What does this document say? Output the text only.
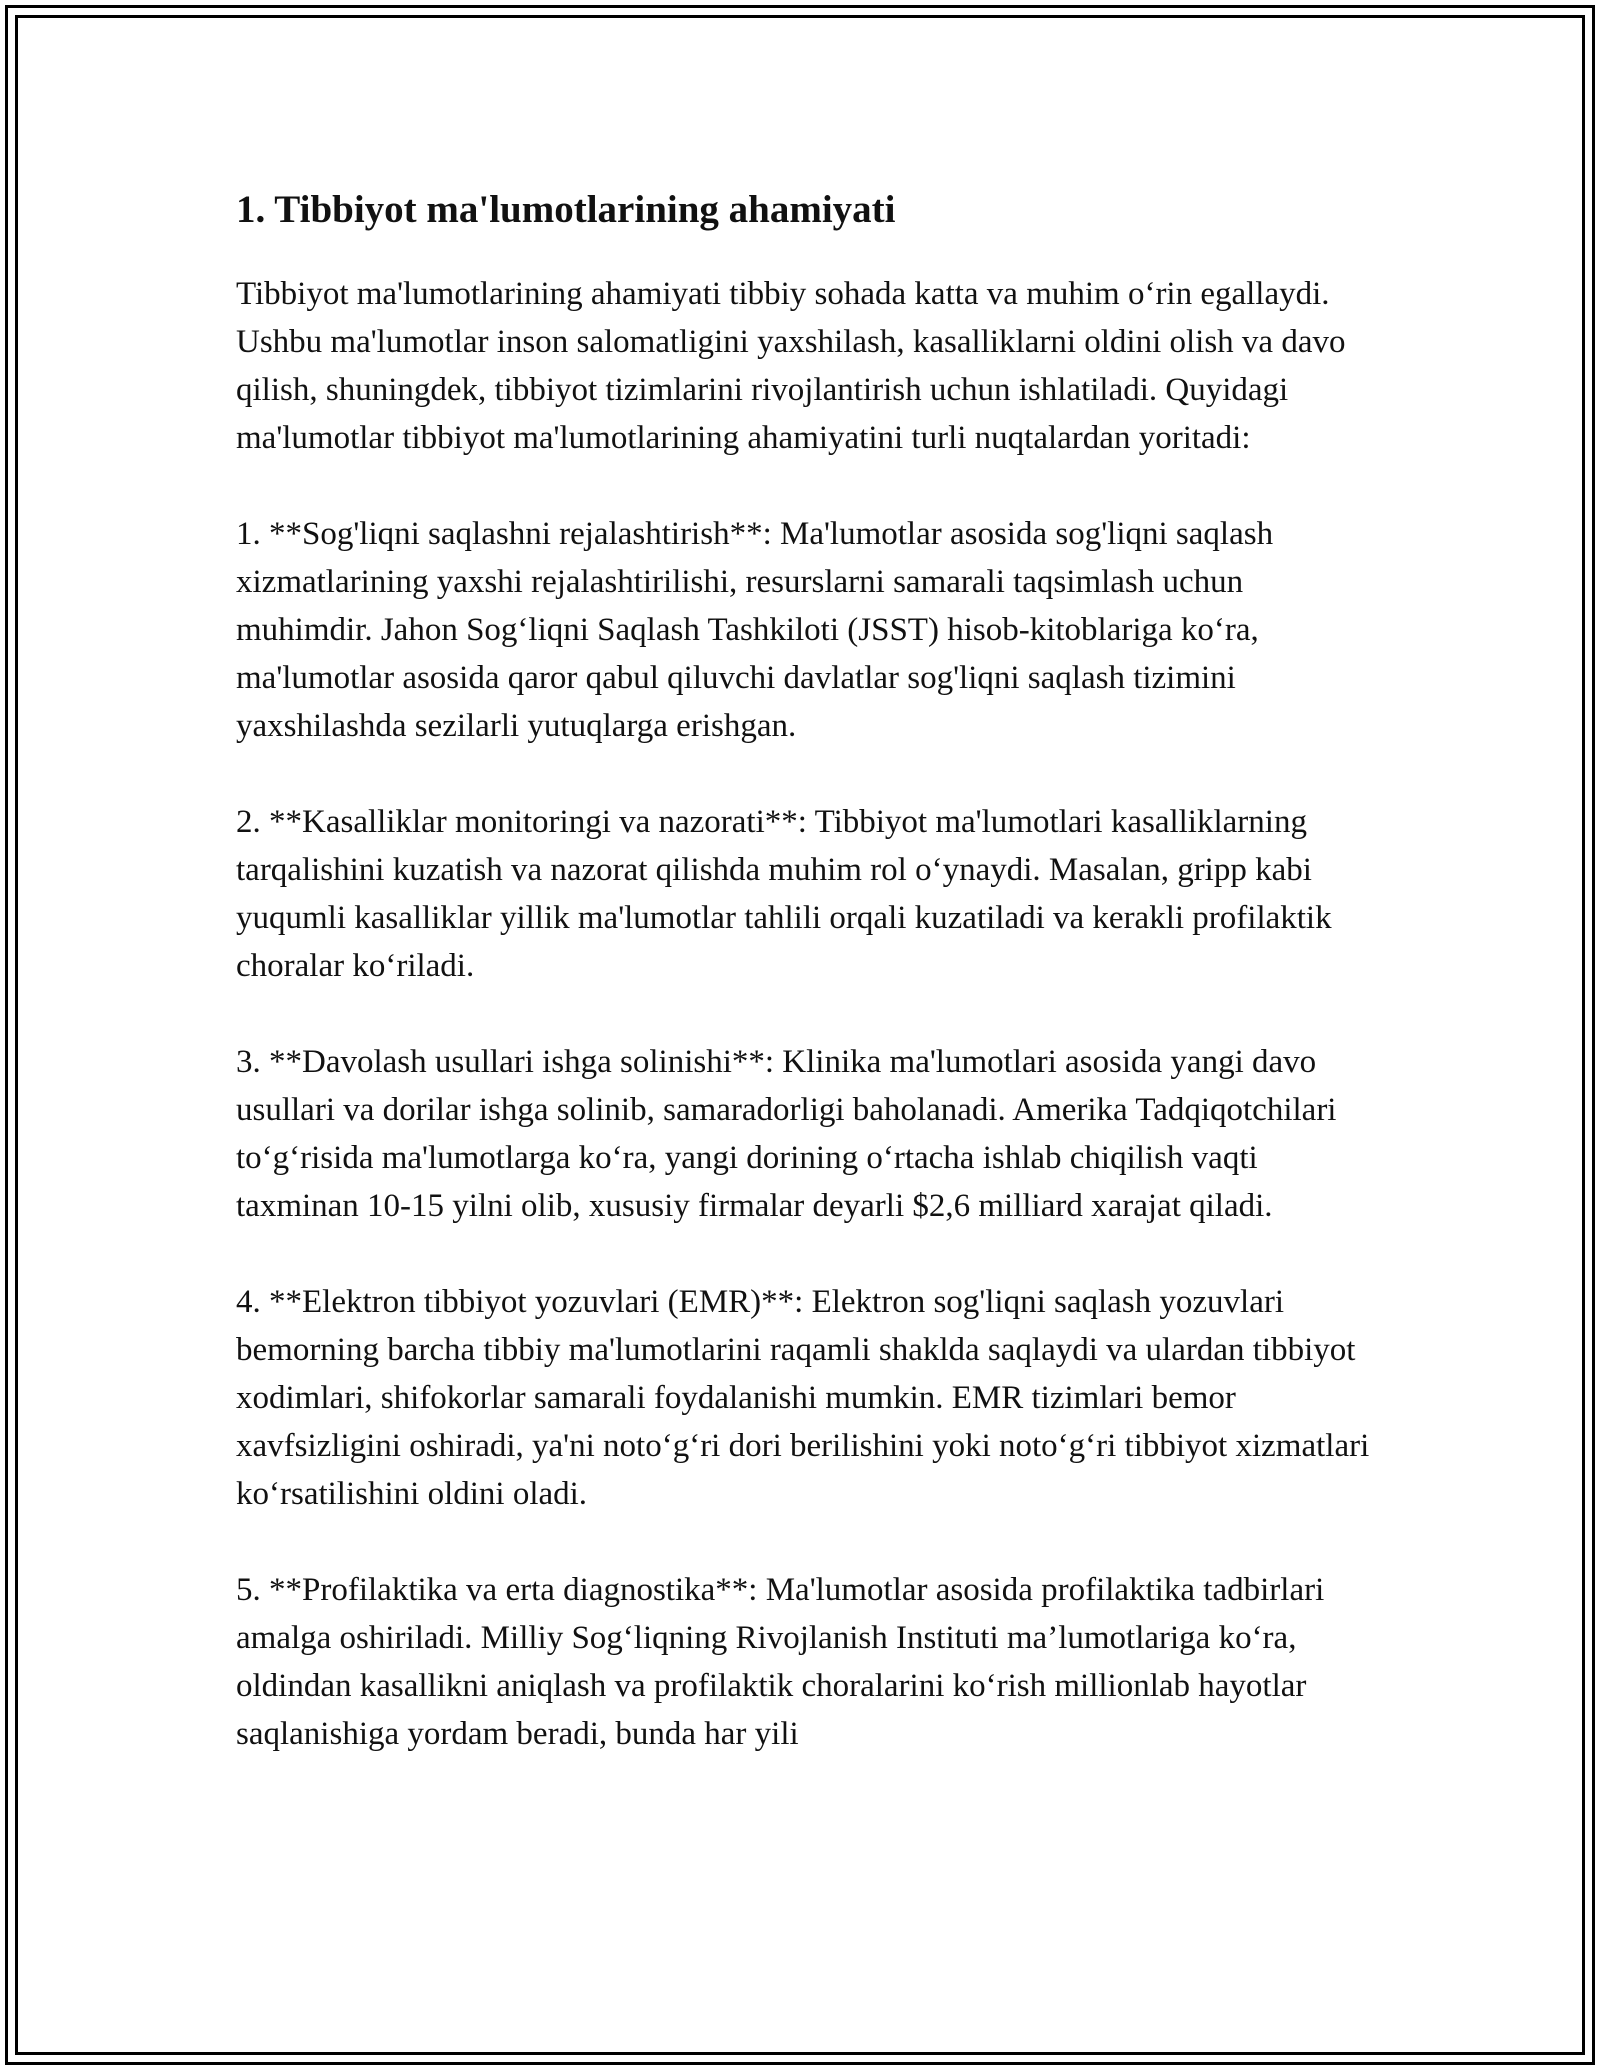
1. Tibbiyot ma'lumotlarining ahamiyati

Tibbiyot ma'lumotlarining ahamiyati tibbiy sohada katta va muhim o‘rin egallaydi. Ushbu ma'lumotlar inson salomatligini yaxshilash, kasalliklarni oldini olish va davo qilish, shuningdek, tibbiyot tizimlarini rivojlantirish uchun ishlatiladi. Quyidagi ma'lumotlar tibbiyot ma'lumotlarining ahamiyatini turli nuqtalardan yoritadi:

1. **Sog'liqni saqlashni rejalashtirish**: Ma'lumotlar asosida sog'liqni saqlash xizmatlarining yaxshi rejalashtirilishi, resurslarni samarali taqsimlash uchun muhimdir. Jahon Sog‘liqni Saqlash Tashkiloti (JSST) hisob-kitoblariga ko‘ra, ma'lumotlar asosida qaror qabul qiluvchi davlatlar sog'liqni saqlash tizimini yaxshilashda sezilarli yutuqlarga erishgan.

2. **Kasalliklar monitoringi va nazorati**: Tibbiyot ma'lumotlari kasalliklarning tarqalishini kuzatish va nazorat qilishda muhim rol o‘ynaydi. Masalan, gripp kabi yuqumli kasalliklar yillik ma'lumotlar tahlili orqali kuzatiladi va kerakli profilaktik choralar ko‘riladi.

3. **Davolash usullari ishga solinishi**: Klinika ma'lumotlari asosida yangi davo usullari va dorilar ishga solinib, samaradorligi baholanadi. Amerika Tadqiqotchilari to‘g‘risida ma'lumotlarga ko‘ra, yangi dorining o‘rtacha ishlab chiqilish vaqti taxminan 10-15 yilni olib, xususiy firmalar deyarli $2,6 milliard xarajat qiladi.

4. **Elektron tibbiyot yozuvlari (EMR)**: Elektron sog'liqni saqlash yozuvlari bemorning barcha tibbiy ma'lumotlarini raqamli shaklda saqlaydi va ulardan tibbiyot xodimlari, shifokorlar samarali foydalanishi mumkin. EMR tizimlari bemor xavfsizligini oshiradi, ya'ni noto‘g‘ri dori berilishini yoki noto‘g‘ri tibbiyot xizmatlari ko‘rsatilishini oldini oladi.

5. **Profilaktika va erta diagnostika**: Ma'lumotlar asosida profilaktika tadbirlari amalga oshiriladi. Milliy Sog‘liqning Rivojlanish Instituti ma’lumotlariga ko‘ra, oldindan kasallikni aniqlash va profilaktik choralarini ko‘rish millionlab hayotlar saqlanishiga yordam beradi, bunda har yili
